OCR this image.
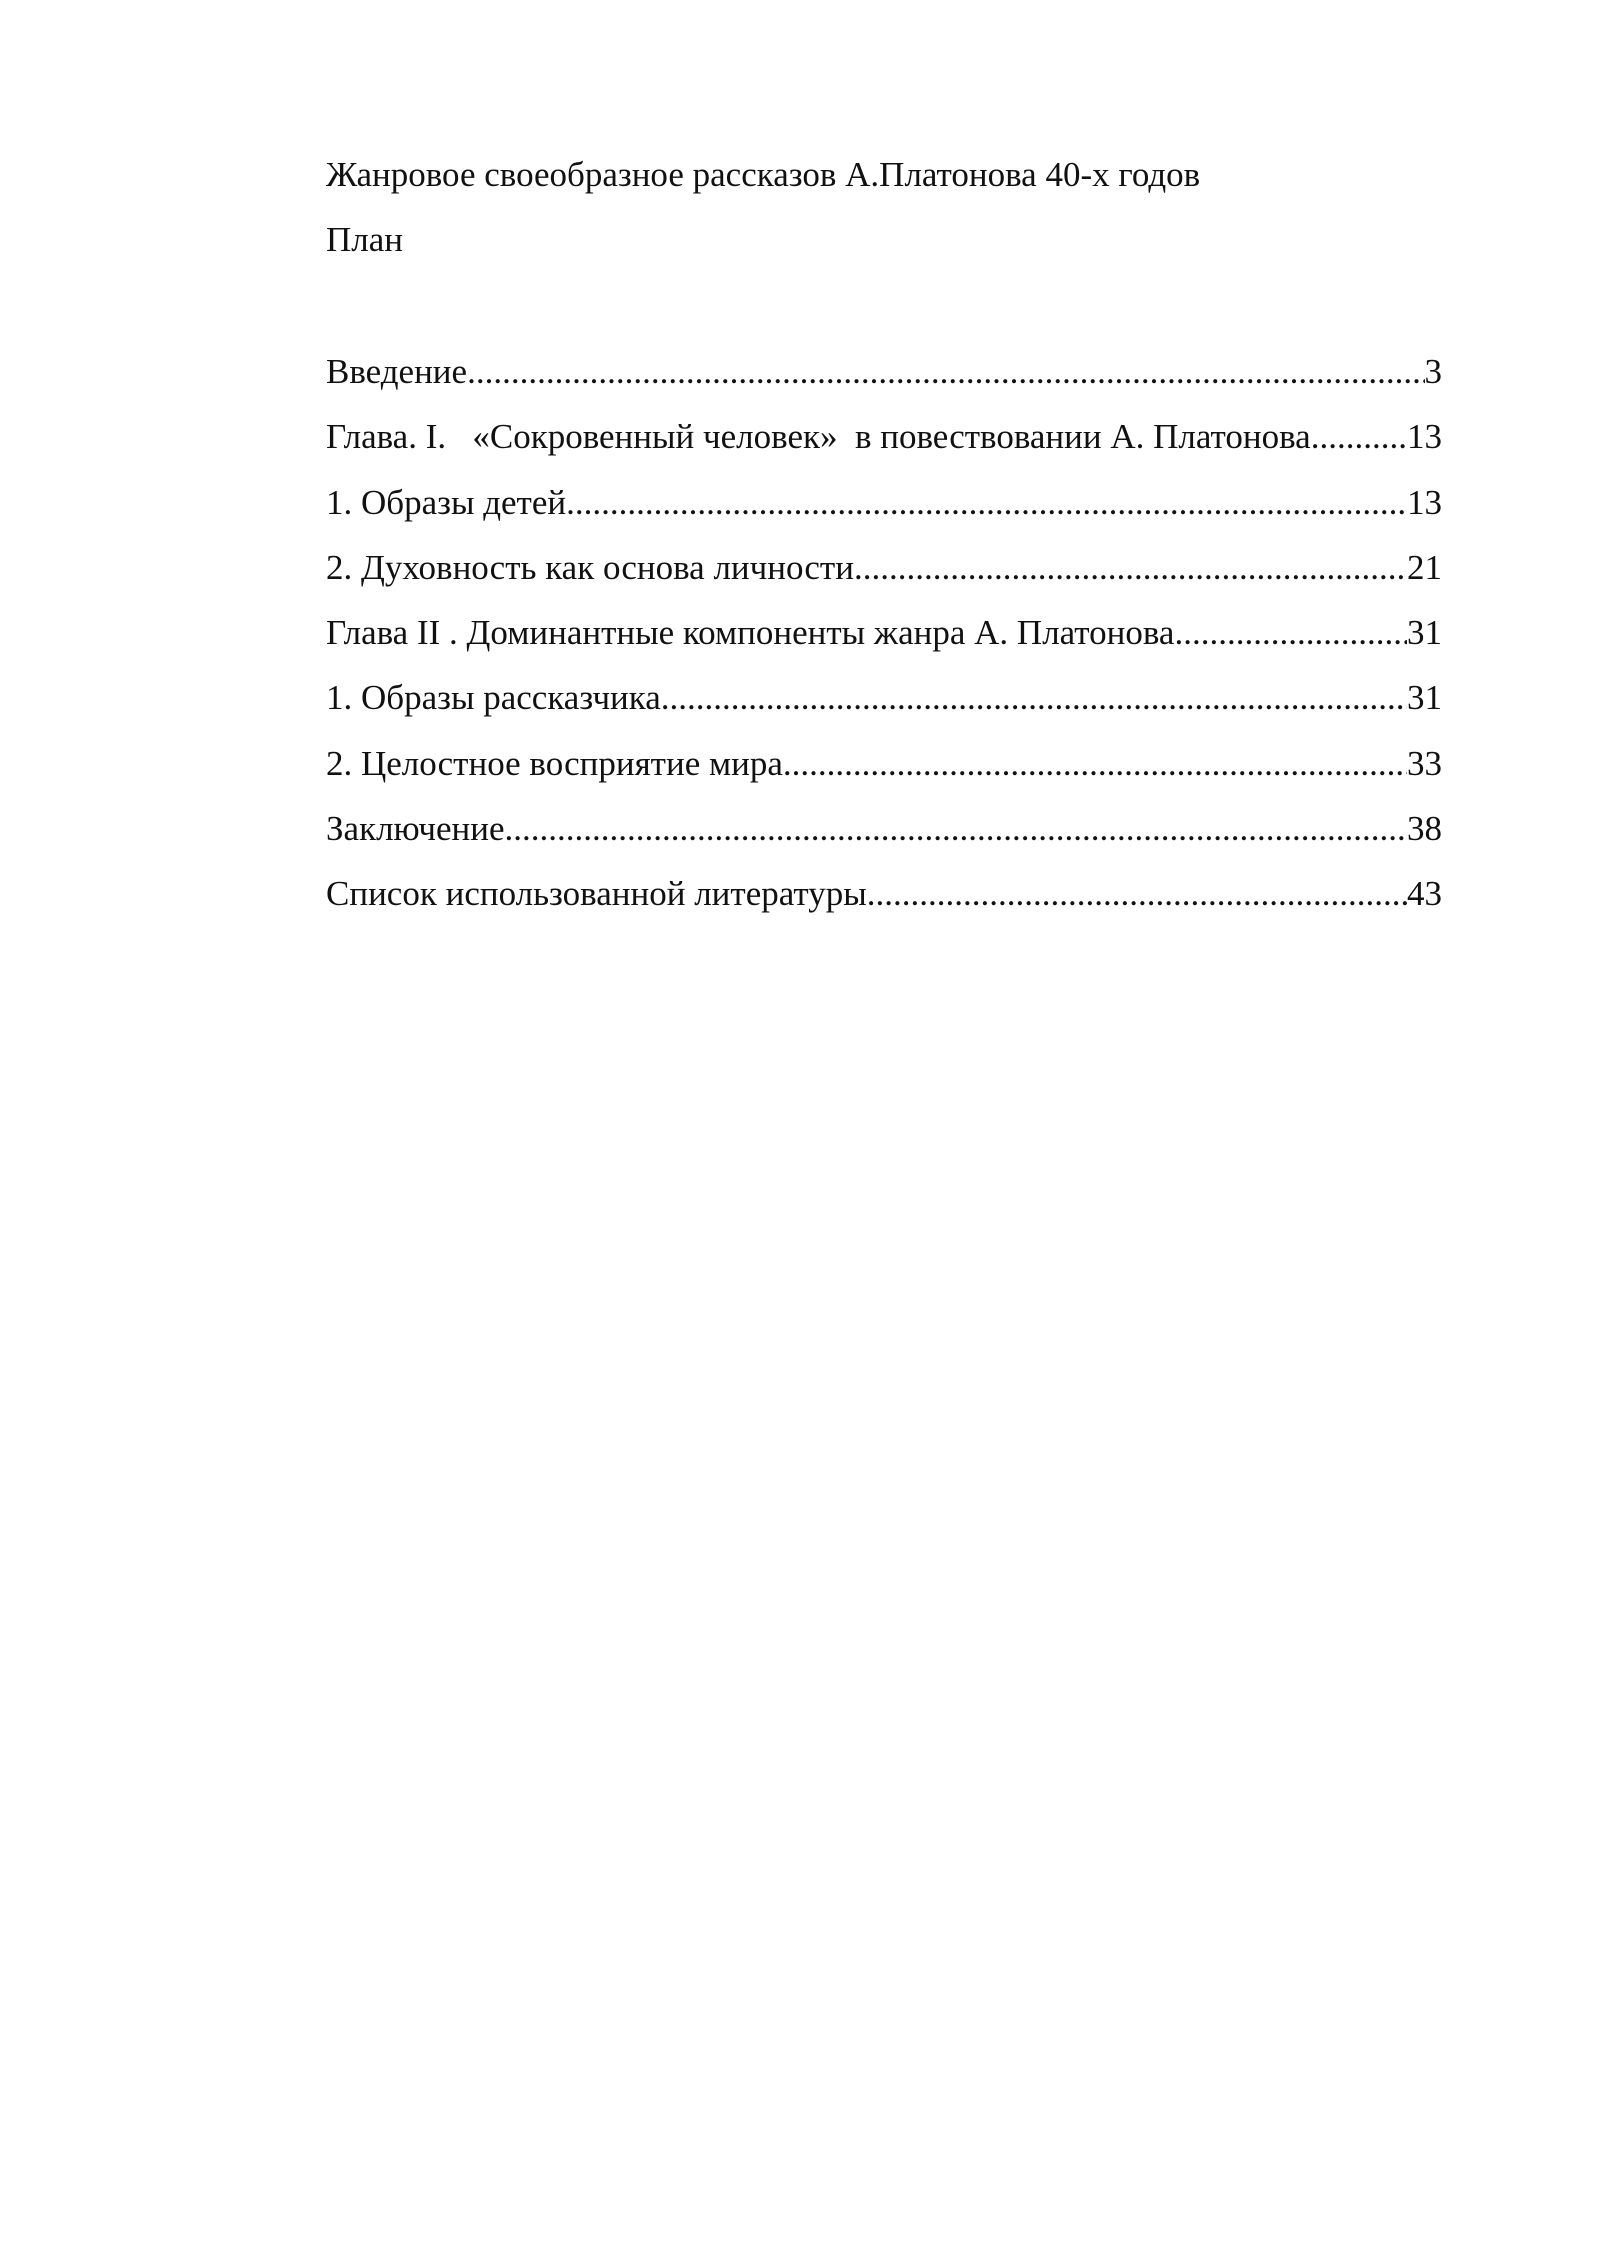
Жанровое своеобразное рассказов А.Платонова 40-х годов
План
Введение .....	3
Глава. I.   «Сокровенный человек»  в повествовании А. Платонова .....	13
1. Образы детей .....	13
2. Духовность как основа личности .....	21
Глава II . Доминантные компоненты жанра А. Платонова .....	31
1. Образы рассказчика .....	31
2. Целостное восприятие мира .....	33
Заключение .....	38
Список использованной литературы .....	43
